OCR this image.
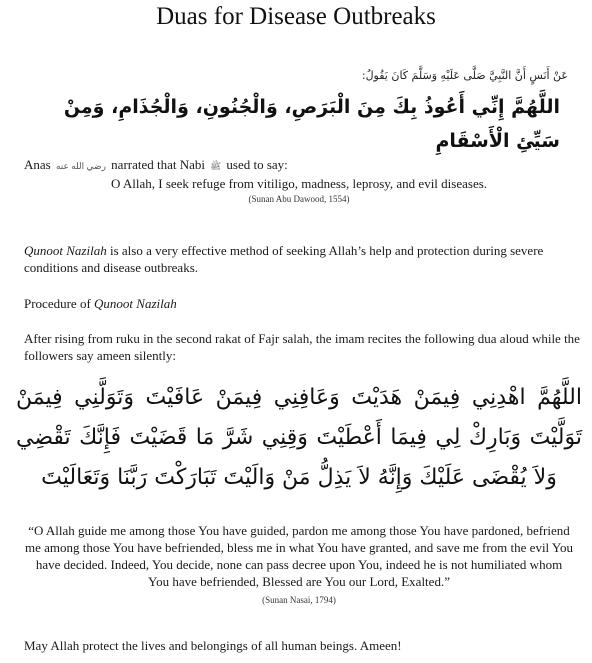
Duas for Disease Outbreaks
عَنْ أَنَسٍ أَنَّ النَّبِيَّ صَلَّى عَلَيْهِ وَسَلَّمَ كَانَ يَقُولُ:
اللَّهُمَّ إِنِّي أَعُوذُ بِكَ مِنَ الْبَرَصِ، وَالْجُنُونِ، وَالْجُذَامِ، وَمِنْ سَيِّئِ الْأَسْقَامِ
Anas رضي الله عنه narrated that Nabi ﷺ used to say:
O Allah, I seek refuge from vitiligo, madness, leprosy, and evil diseases.
(Sunan Abu Dawood, 1554)
Qunoot Nazilah is also a very effective method of seeking Allah’s help and protection during severe conditions and disease outbreaks.
Procedure of Qunoot Nazilah
After rising from ruku in the second rakat of Fajr salah, the imam recites the following dua aloud while the followers say ameen silently:
اللَّهُمَّ اهْدِنِي فِيمَنْ هَدَيْتَ وَعَافِنِي فِيمَنْ عَافَيْتَ وَتَوَلَّنِي فِيمَنْ تَوَلَّيْتَ وَبَارِكْ لِي فِيمَا أَعْطَيْتَ وَقِنِي شَرَّ مَا قَضَيْتَ فَإِنَّكَ تَقْضِي وَلاَ يُقْضَى عَلَيْكَ وَإِنَّهُ لاَ يَذِلُّ مَنْ وَالَيْتَ تَبَارَكْتَ رَبَّنَا وَتَعَالَيْتَ
“O Allah guide me among those You have guided, pardon me among those You have pardoned, befriend me among those You have befriended, bless me in what You have granted, and save me from the evil You have decided. Indeed, You decide, none can pass decree upon You, indeed he is not humiliated whom You have befriended, Blessed are You our Lord, Exalted.”
(Sunan Nasai, 1794)
May Allah protect the lives and belongings of all human beings. Ameen!
